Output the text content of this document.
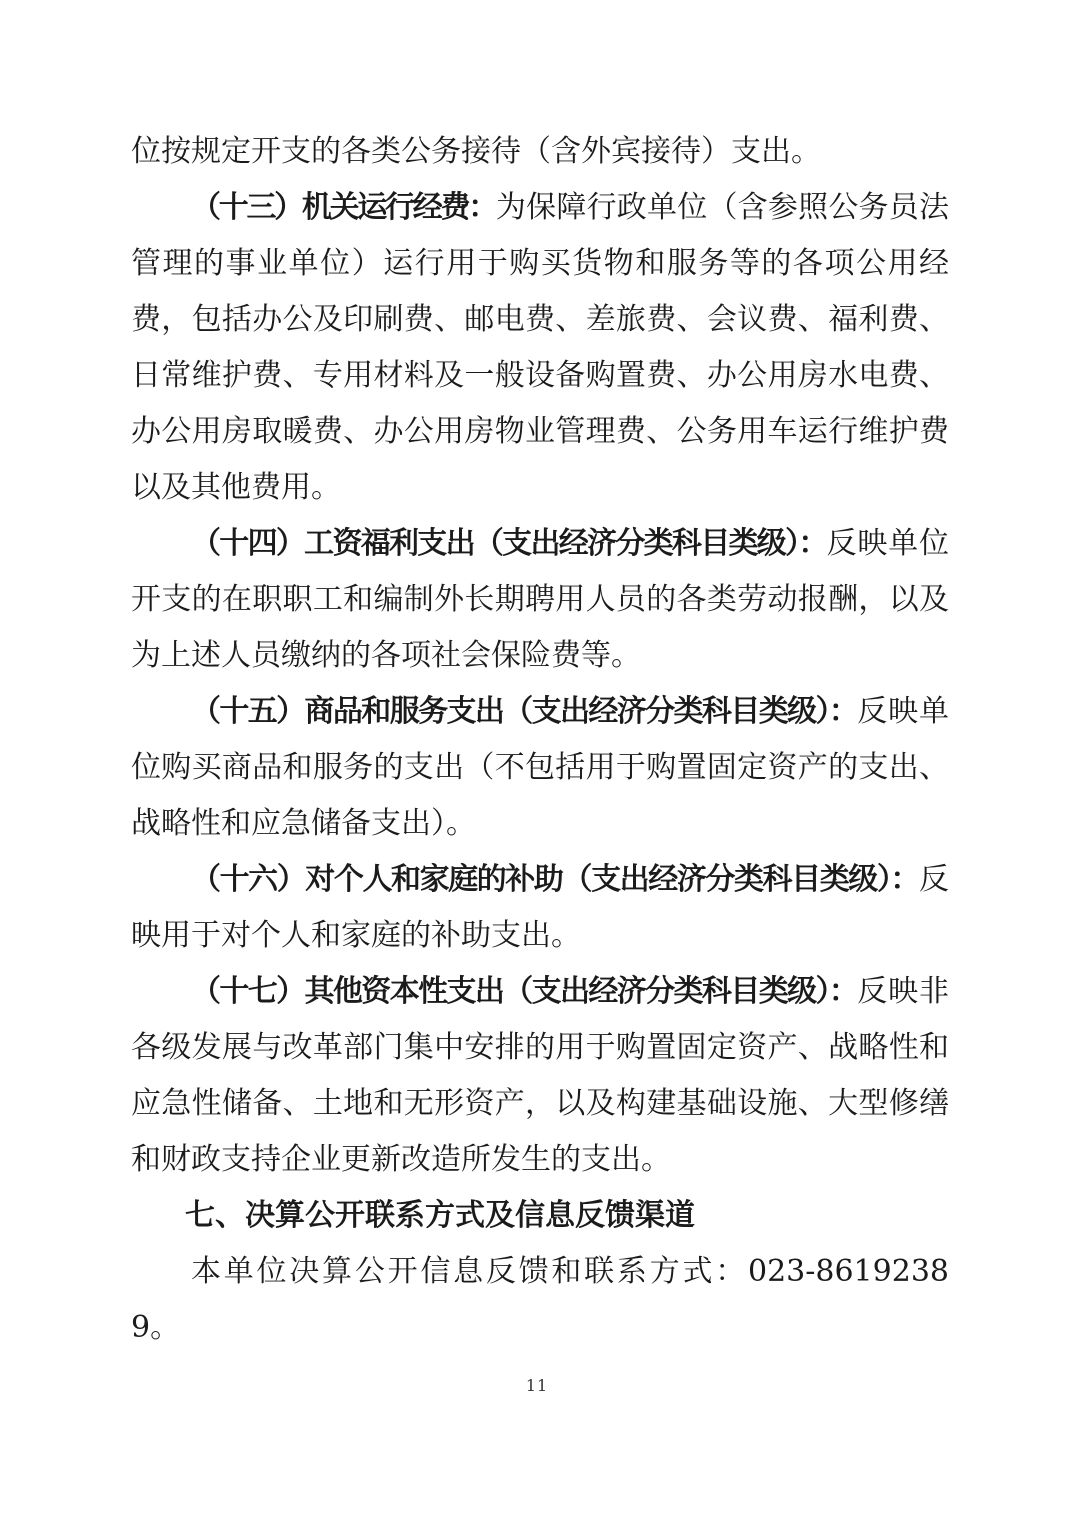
位按规定开支的各类公务接待（含外宾接待）支出。

（十三）机关运行经费：为保障行政单位（含参照公务员法管理的事业单位）运行用于购买货物和服务等的各项公用经费，包括办公及印刷费、邮电费、差旅费、会议费、福利费、日常维护费、专用材料及一般设备购置费、办公用房水电费、办公用房取暖费、办公用房物业管理费、公务用车运行维护费以及其他费用。

（十四）工资福利支出（支出经济分类科目类级）：反映单位开支的在职职工和编制外长期聘用人员的各类劳动报酬，以及为上述人员缴纳的各项社会保险费等。

（十五）商品和服务支出（支出经济分类科目类级）：反映单位购买商品和服务的支出（不包括用于购置固定资产的支出、战略性和应急储备支出）。

（十六）对个人和家庭的补助（支出经济分类科目类级）：反映用于对个人和家庭的补助支出。

（十七）其他资本性支出（支出经济分类科目类级）：反映非各级发展与改革部门集中安排的用于购置固定资产、战略性和应急性储备、土地和无形资产，以及构建基础设施、大型修缮和财政支持企业更新改造所发生的支出。

七、决算公开联系方式及信息反馈渠道

本单位决算公开信息反馈和联系方式：023-86192389。

11
